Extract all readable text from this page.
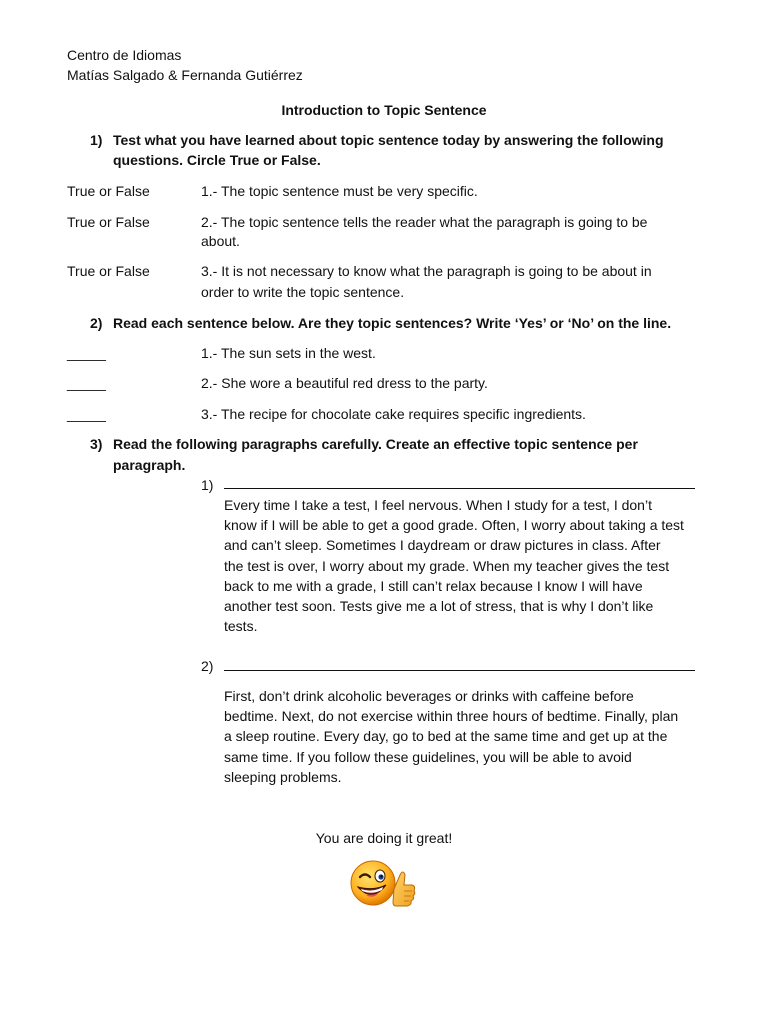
Centro de Idiomas
Matías Salgado & Fernanda Gutiérrez
Introduction to Topic Sentence
1) Test what you have learned about topic sentence today by answering the following
questions. Circle True or False.
True or False	1.- The topic sentence must be very specific.
True or False	2.- The topic sentence tells the reader what the paragraph is going to be
about.
True or False	3.- It is not necessary to know what the paragraph is going to be about in
order to write the topic sentence.
2) Read each sentence below. Are they topic sentences? Write ‘Yes’ or ‘No’ on the line.
_____	1.- The sun sets in the west.
_____	2.- She wore a beautiful red dress to the party.
_____	3.- The recipe for chocolate cake requires specific ingredients.
3) Read the following paragraphs carefully. Create an effective topic sentence per
paragraph.
1)
Every time I take a test, I feel nervous. When I study for a test, I don’t
know if I will be able to get a good grade. Often, I worry about taking a test
and can’t sleep. Sometimes I daydream or draw pictures in class. After
the test is over, I worry about my grade. When my teacher gives the test
back to me with a grade, I still can’t relax because I know I will have
another test soon. Tests give me a lot of stress, that is why I don’t like
tests.
2)
First, don’t drink alcoholic beverages or drinks with caffeine before
bedtime. Next, do not exercise within three hours of bedtime. Finally, plan
a sleep routine. Every day, go to bed at the same time and get up at the
same time. If you follow these guidelines, you will be able to avoid
sleeping problems.
You are doing it great!
